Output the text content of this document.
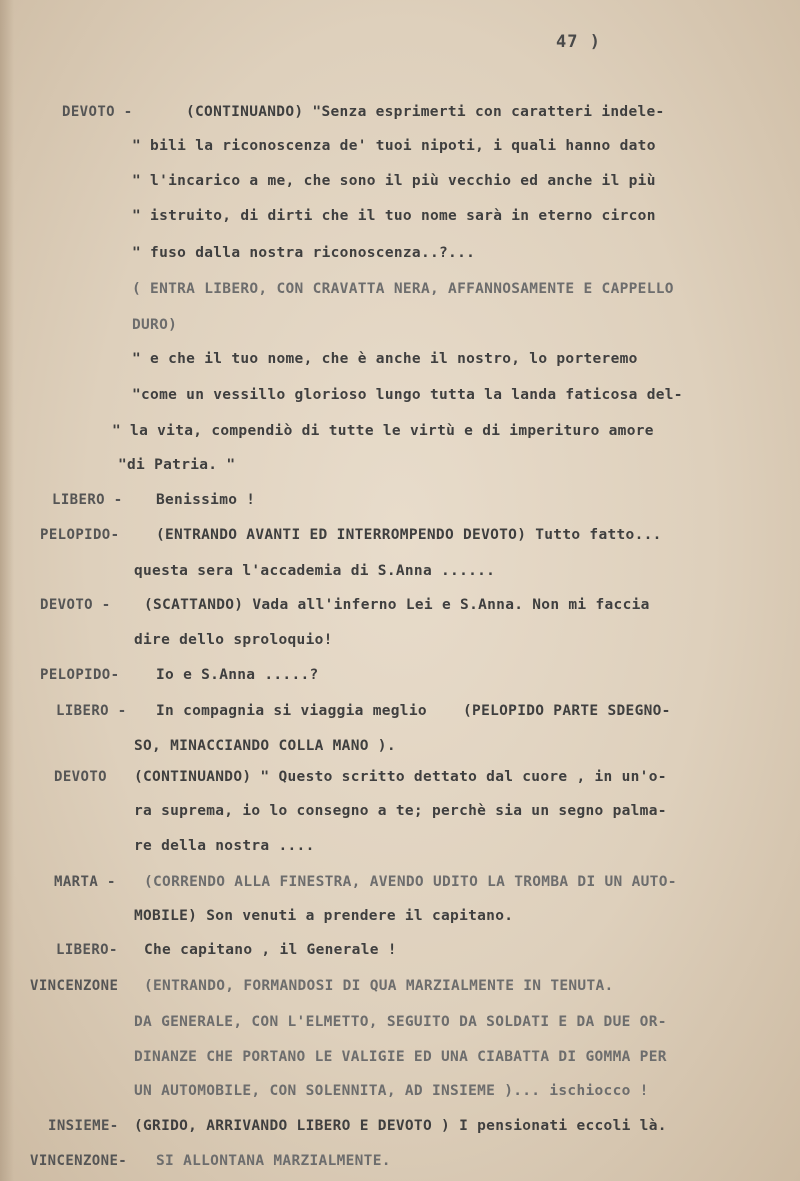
47 )
DEVOTO -	(CONTINUANDO) "Senza esprimerti con caratteri indele-
" bili la riconoscenza de' tuoi nipoti, i quali hanno dato
" l'incarico a me, che sono il più vecchio ed anche il più
" istruito, di dirti che il tuo nome sarà in eterno circon
" fuso dalla nostra riconoscenza..?...
( ENTRA LIBERO, CON CRAVATTA NERA, AFFANNOSAMENTE E CAPPELLO
DURO)
" e che il tuo nome, che è anche il nostro, lo porteremo
"come un vessillo glorioso lungo tutta la landa faticosa del-
" la vita, compendiò di tutte le virtù e di imperituro amore
"di Patria. "
LIBERO - Benissimo !
PELOPIDO-	(ENTRANDO AVANTI ED INTERROMPENDO DEVOTO) Tutto fatto...
questa sera l'accademia di S.Anna ......
DEVOTO - (SCATTANDO) Vada all'inferno Lei e S.Anna. Non mi faccia
dire dello sproloquio!
PELOPIDO-	Io e S.Anna .....?
LIBERO - In compagnia si viaggia meglio    (PELOPIDO PARTE SDEGNO-
SO, MINACCIANDO COLLA MANO ).
DEVOTO (CONTINUANDO) " Questo scritto dettato dal cuore , in un'o-
ra suprema, io lo consegno a te; perchè sia un segno palma-
re della nostra ....
MARTA - (CORRENDO ALLA FINESTRA, AVENDO UDITO LA TROMBA DI UN AUTO-
MOBILE) Son venuti a prendere il capitano.
LIBERO- Che capitano , il Generale !
VINCENZONE (ENTRANDO, FORMANDOSI DI QUA MARZIALMENTE IN TENUTA.
DA GENERALE, CON L'ELMETTO, SEGUITO DA SOLDATI E DA DUE OR-
DINANZE CHE PORTANO LE VALIGIE ED UNA CIABATTA DI GOMMA PER
UN AUTOMOBILE, CON SOLENNITA, AD INSIEME )... ischiocco !
INSIEME- (GRIDO, ARRIVANDO LIBERO E DEVOTO ) I pensionati eccoli là.
VINCENZONE- SI ALLONTANA MARZIALMENTE.
